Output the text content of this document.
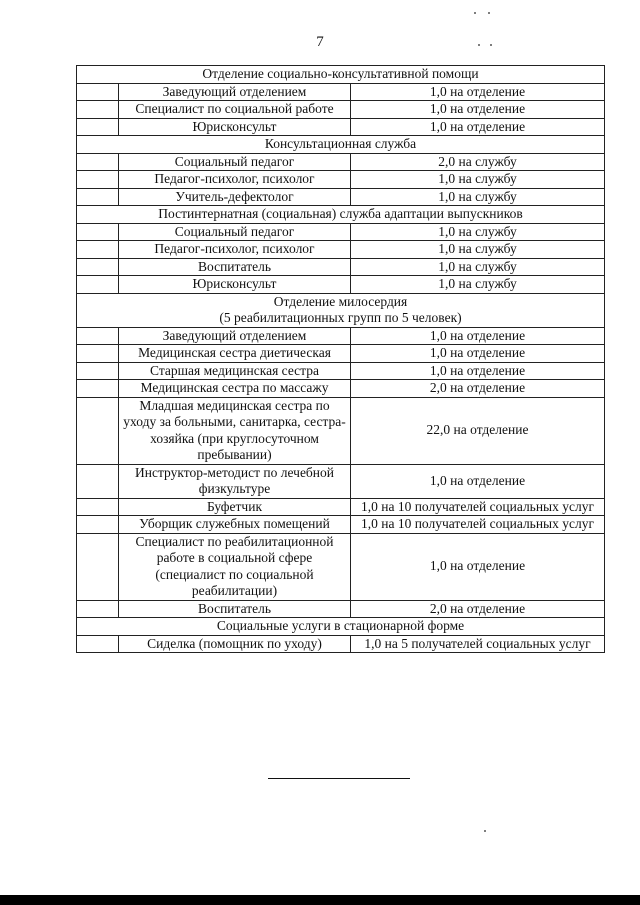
7
Отделение социально-консультативной помощи		

	Заведующий отделением	1,0 на отделение
	Специалист по социальной работе	1,0 на отделение
	Юрисконсульт	1,0 на отделение

Консультационная служба		

	Социальный педагог	2,0 на службу
	Педагог-психолог, психолог	1,0 на службу
	Учитель-дефектолог	1,0 на службу

Постинтернатная (социальная) служба адаптации выпускников		

	Социальный педагог	1,0 на службу
	Педагог-психолог, психолог	1,0 на службу
	Воспитатель	1,0 на службу
	Юрисконсульт	1,0 на службу

Отделение милосердия
(5 реабилитационных групп по 5 человек)		

	Заведующий отделением	1,0 на отделение
	Медицинская сестра диетическая	1,0 на отделение
	Старшая медицинская сестра	1,0 на отделение
	Медицинская сестра по массажу	2,0 на отделение
	Младшая медицинская сестра по уходу за больными, санитарка, сестра-хозяйка (при круглосуточном пребывании)	22,0 на отделение
	Инструктор-методист по лечебной физкультуре	1,0 на отделение
	Буфетчик	1,0 на 10 получателей социальных услуг
	Уборщик служебных помещений	1,0 на 10 получателей социальных услуг
	Специалист по реабилитационной работе в социальной сфере (специалист по социальной реабилитации)	1,0 на отделение
	Воспитатель	2,0 на отделение

Социальные услуги в стационарной форме		

	Сиделка (помощник по уходу)	1,0 на 5 получателей социальных услуг
